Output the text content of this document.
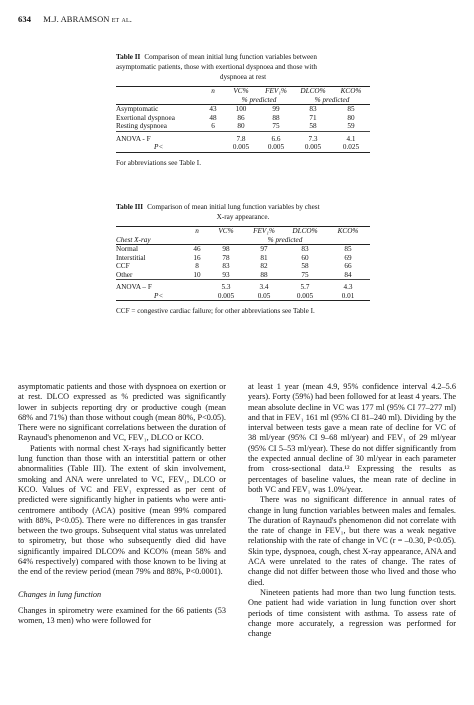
634 M.J. ABRAMSON et al.
Table II Comparison of mean initial lung function variables between
asymptomatic patients, those with exertional dyspnoea and those with

dyspnoea at rest
	n	VC%	FEV₁%	DLCO%	KCO%
		% predicted		% predicted	
Asymptomatic	43	100	99	83	85
Exertional dyspnoea	48	86	88	71	80
Resting dyspnoea	6	80	75	58	59
ANOVA - F		7.8	6.6	7.3	4.1
P<		0.005	0.005	0.005	0.025
For abbreviations see Table I.
Table III Comparison of mean initial lung function variables by chest

X-ray appearance.
	n	VC%	FEV₁%	DLCO%	KCO%
Chest X-ray			% predicted		
Normal	46	98	97	83	85
Interstitial	16	78	81	60	69
CCF	8	83	82	58	66
Other	10	93	88	75	84
ANOVA – F		5.3	3.4	5.7	4.3
P<		0.005	0.05	0.005	0.01
CCF = congestive cardiac failure; for other abbreviations see Table I.

asymptomatic patients and those with dyspnoea on exertion or at rest. DLCO expressed as % predicted was significantly lower in subjects reporting dry or productive cough (mean 68% and 71%) than those without cough (mean 80%, P<0.05). There were no significant correlations between the duration of Raynaud's phenomenon and VC, FEV₁, DLCO or KCO.

Patients with normal chest X-rays had significantly better lung function than those with an interstitial pattern or other abnormalities (Table III). The extent of skin involvement, smoking and ANA were unrelated to VC, FEV₁, DLCO or KCO. Values of VC and FEV₁ expressed as per cent of predicted were significantly higher in patients who were anti-centromere antibody (ACA) positive (mean 99% compared with 88%, P<0.05). There were no differences in gas transfer between the two groups. Subsequent vital status was unrelated to spirometry, but those who subsequently died did have significantly impaired DLCO% and KCO% (mean 58% and 64% respectively) compared with those known to be living at the end of the review period (mean 79% and 88%, P<0.0001).

Changes in lung function

Changes in spirometry were examined for the 66 patients (53 women, 13 men) who were followed for

at least 1 year (mean 4.9, 95% confidence interval 4.2–5.6 years). Forty (59%) had been followed for at least 4 years. The mean absolute decline in VC was 177 ml (95% CI 77–277 ml) and that in FEV₁ 161 ml (95% CI 81–240 ml). Dividing by the interval between tests gave a mean rate of decline for VC of 38 ml/year (95% CI 9–68 ml/year) and FEV₁ of 29 ml/year (95% CI 5–53 ml/year). These do not differ significantly from the expected annual decline of 30 ml/year in each parameter from cross-sectional data.¹² Expressing the results as percentages of baseline values, the mean rate of decline in both VC and FEV₁ was 1.0%/year.

There was no significant difference in annual rates of change in lung function variables between males and females. The duration of Raynaud's phenomenon did not correlate with the rate of change in FEV₁, but there was a weak negative relationship with the rate of change in VC (r = –0.30, P<0.05). Skin type, dyspnoea, cough, chest X-ray appearance, ANA and ACA were unrelated to the rates of change. The rates of change did not differ between those who lived and those who died.

Nineteen patients had more than two lung function tests. One patient had wide variation in lung function over short periods of time consistent with asthma. To assess rate of change more accurately, a regression was performed for change
